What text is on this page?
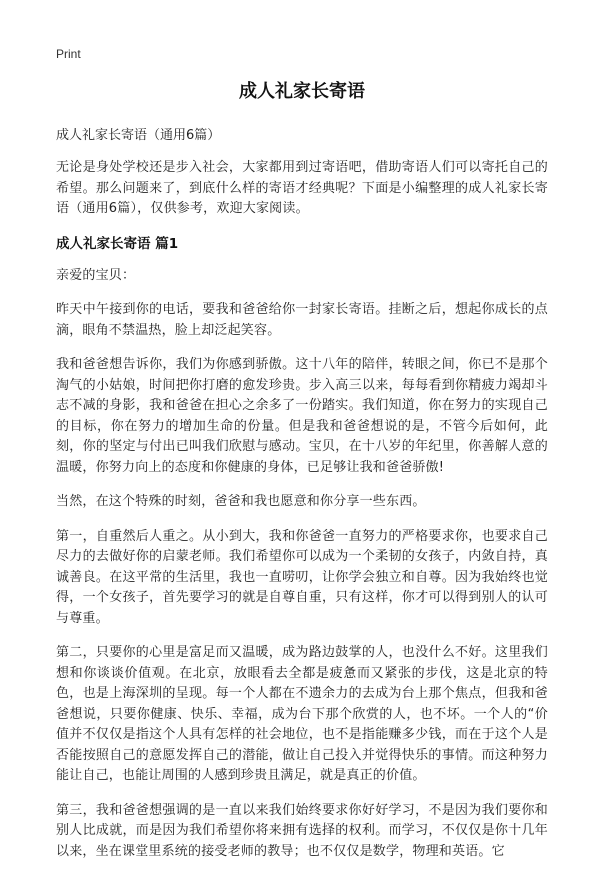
Print
成人礼家长寄语

成人礼家长寄语（通用6篇）

无论是身处学校还是步入社会，大家都用到过寄语吧，借助寄语人们可以寄托自己的希望。那么问题来了，到底什么样的寄语才经典呢？下面是小编整理的成人礼家长寄语（通用6篇），仅供参考，欢迎大家阅读。

成人礼家长寄语 篇1

亲爱的宝贝：

昨天中午接到你的电话，要我和爸爸给你一封家长寄语。挂断之后，想起你成长的点滴，眼角不禁温热，脸上却泛起笑容。

我和爸爸想告诉你，我们为你感到骄傲。这十八年的陪伴，转眼之间，你已不是那个淘气的小姑娘，时间把你打磨的愈发珍贵。步入高三以来，每每看到你精疲力竭却斗志不减的身影，我和爸爸在担心之余多了一份踏实。我们知道，你在努力的实现自己的目标，你在努力的增加生命的份量。但是我和爸爸想说的是，不管今后如何，此刻，你的坚定与付出已叫我们欣慰与感动。宝贝，在十八岁的年纪里，你善解人意的温暖，你努力向上的态度和你健康的身体，已足够让我和爸爸骄傲!

当然，在这个特殊的时刻，爸爸和我也愿意和你分享一些东西。

第一，自重然后人重之。从小到大，我和你爸爸一直努力的严格要求你，也要求自己尽力的去做好你的启蒙老师。我们希望你可以成为一个柔韧的女孩子，内敛自持，真诚善良。在这平常的生活里，我也一直唠叨，让你学会独立和自尊。因为我始终也觉得，一个女孩子，首先要学习的就是自尊自重，只有这样，你才可以得到别人的认可与尊重。

第二，只要你的心里是富足而又温暖，成为路边鼓掌的人，也没什么不好。这里我们想和你谈谈价值观。在北京，放眼看去全都是疲惫而又紧张的步伐，这是北京的特色，也是上海深圳的呈现。每一个人都在不遗余力的去成为台上那个焦点，但我和爸爸想说，只要你健康、快乐、幸福，成为台下那个欣赏的人，也不坏。一个人的“价值并不仅仅是指这个人具有怎样的社会地位，也不是指能赚多少钱，而在于这个人是否能按照自己的意愿发挥自己的潜能，做让自己投入并觉得快乐的事情。而这种努力能让自己，也能让周围的人感到珍贵且满足，就是真正的价值。

第三，我和爸爸想强调的是一直以来我们始终要求你好好学习，不是因为我们要你和别人比成就，而是因为我们希望你将来拥有选择的权利。而学习，不仅仅是你十几年以来，坐在课堂里系统的接受老师的教导；也不仅仅是数学，物理和英语。它
